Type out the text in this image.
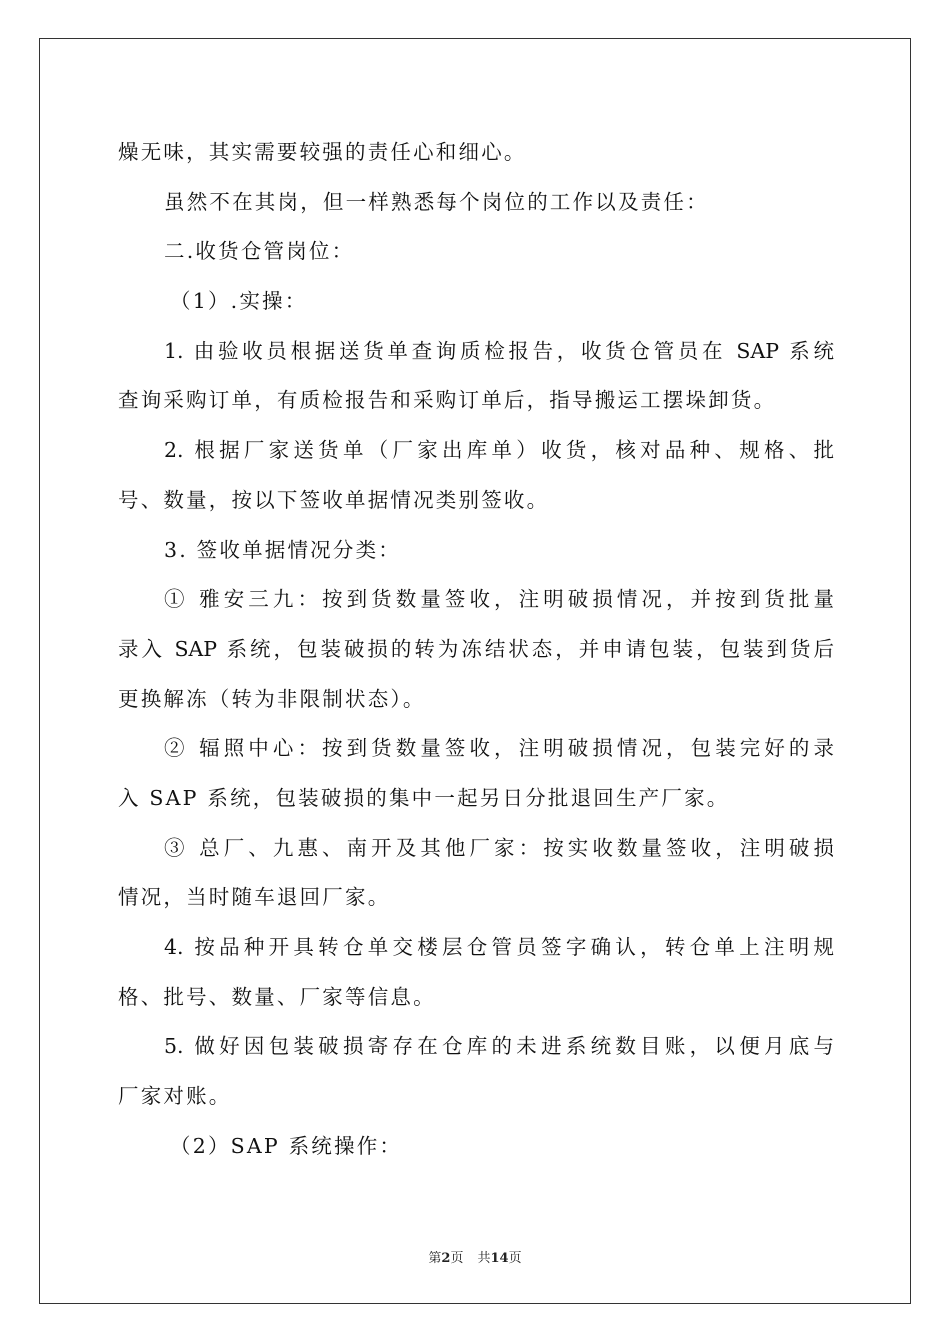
燥无味，其实需要较强的责任心和细心。
虽然不在其岗，但一样熟悉每个岗位的工作以及责任：
二.收货仓管岗位：
（1）.实操：
1. 由验收员根据送货单查询质检报告，收货仓管员在 SAP 系统
查询采购订单，有质检报告和采购订单后，指导搬运工摆垛卸货。
2. 根据厂家送货单（厂家出库单）收货，核对品种、规格、批
号、数量，按以下签收单据情况类别签收。
3. 签收单据情况分类：
① 雅安三九：按到货数量签收，注明破损情况，并按到货批量
录入 SAP 系统，包装破损的转为冻结状态，并申请包装，包装到货后
更换解冻（转为非限制状态）。
② 辐照中心：按到货数量签收，注明破损情况，包装完好的录
入 SAP 系统，包装破损的集中一起另日分批退回生产厂家。
③ 总厂、九惠、南开及其他厂家：按实收数量签收，注明破损
情况，当时随车退回厂家。
4. 按品种开具转仓单交楼层仓管员签字确认，转仓单上注明规
格、批号、数量、厂家等信息。
5. 做好因包装破损寄存在仓库的未进系统数目账，以便月底与
厂家对账。
（2）SAP 系统操作：
第2页 共14页
